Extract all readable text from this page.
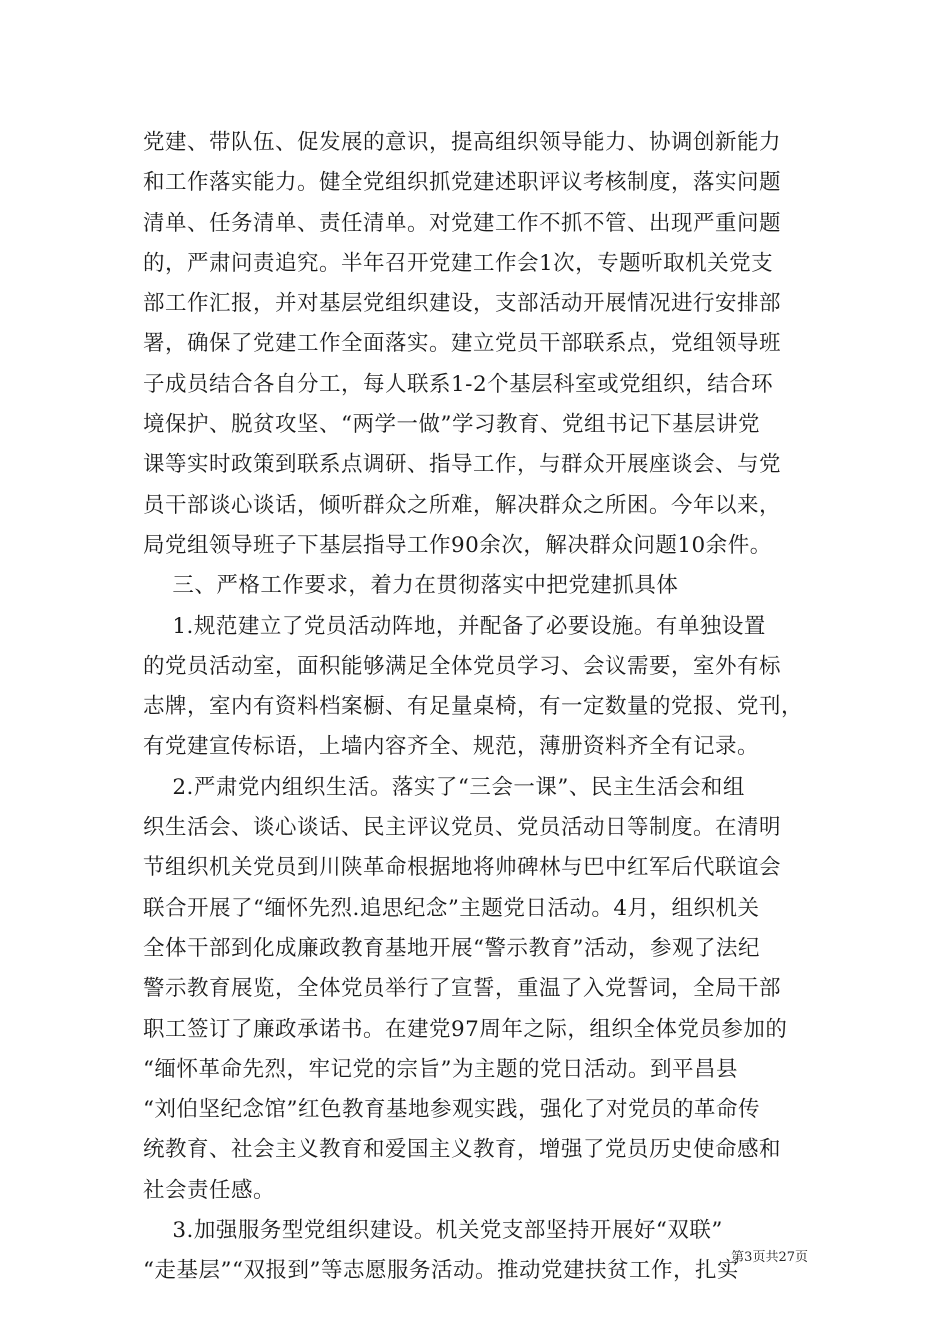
党建、带队伍、促发展的意识，提高组织领导能力、协调创新能力
和工作落实能力。健全党组织抓党建述职评议考核制度，落实问题
清单、任务清单、责任清单。对党建工作不抓不管、出现严重问题
的，严肃问责追究。半年召开党建工作会1次，专题听取机关党支
部工作汇报，并对基层党组织建设，支部活动开展情况进行安排部
署，确保了党建工作全面落实。建立党员干部联系点，党组领导班
子成员结合各自分工，每人联系1-2个基层科室或党组织，结合环
境保护、脱贫攻坚、“两学一做”学习教育、党组书记下基层讲党
课等实时政策到联系点调研、指导工作，与群众开展座谈会、与党
员干部谈心谈话，倾听群众之所难，解决群众之所困。今年以来，
局党组领导班子下基层指导工作90余次，解决群众问题10余件。
三、严格工作要求，着力在贯彻落实中把党建抓具体
1.规范建立了党员活动阵地，并配备了必要设施。有单独设置
的党员活动室，面积能够满足全体党员学习、会议需要，室外有标
志牌，室内有资料档案橱、有足量桌椅，有一定数量的党报、党刊，
有党建宣传标语，上墙内容齐全、规范，薄册资料齐全有记录。
2.严肃党内组织生活。落实了“三会一课”、民主生活会和组
织生活会、谈心谈话、民主评议党员、党员活动日等制度。在清明
节组织机关党员到川陕革命根据地将帅碑林与巴中红军后代联谊会
联合开展了“缅怀先烈.追思纪念”主题党日活动。4月，组织机关
全体干部到化成廉政教育基地开展“警示教育”活动，参观了法纪
警示教育展览，全体党员举行了宣誓，重温了入党誓词，全局干部
职工签订了廉政承诺书。在建党97周年之际，组织全体党员参加的
“缅怀革命先烈，牢记党的宗旨”为主题的党日活动。到平昌县
“刘伯坚纪念馆”红色教育基地参观实践，强化了对党员的革命传
统教育、社会主义教育和爱国主义教育，增强了党员历史使命感和
社会责任感。
3.加强服务型党组织建设。机关党支部坚持开展好“双联”
“走基层”“双报到”等志愿服务活动。推动党建扶贫工作，扎实
第3页共27页
